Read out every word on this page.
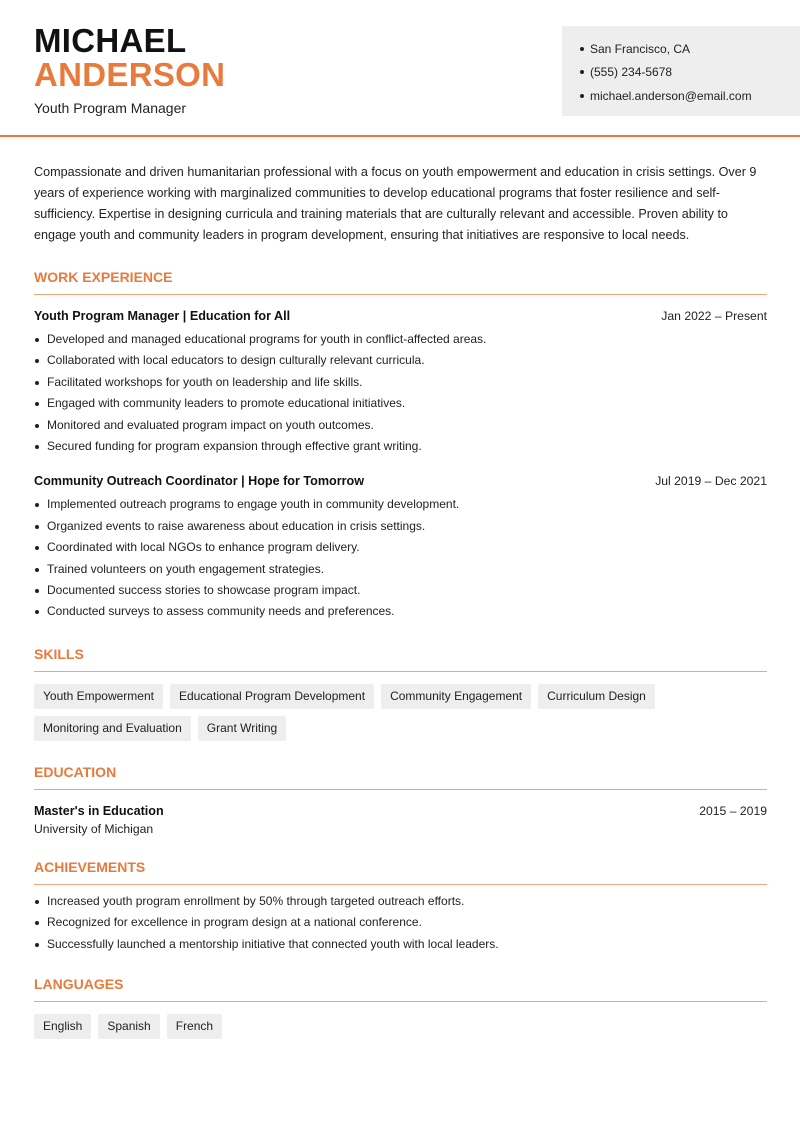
MICHAEL
ANDERSON
Youth Program Manager
San Francisco, CA
(555) 234-5678
michael.anderson@email.com

Compassionate and driven humanitarian professional with a focus on youth empowerment and education in crisis settings. Over 9 years of experience working with marginalized communities to develop educational programs that foster resilience and self-sufficiency. Expertise in designing curricula and training materials that are culturally relevant and accessible. Proven ability to engage youth and community leaders in program development, ensuring that initiatives are responsive to local needs.

WORK EXPERIENCE
Youth Program Manager | Education for All	Jan 2022 – Present
Developed and managed educational programs for youth in conflict-affected areas.
Collaborated with local educators to design culturally relevant curricula.
Facilitated workshops for youth on leadership and life skills.
Engaged with community leaders to promote educational initiatives.
Monitored and evaluated program impact on youth outcomes.
Secured funding for program expansion through effective grant writing.
Community Outreach Coordinator | Hope for Tomorrow	Jul 2019 – Dec 2021
Implemented outreach programs to engage youth in community development.
Organized events to raise awareness about education in crisis settings.
Coordinated with local NGOs to enhance program delivery.
Trained volunteers on youth engagement strategies.
Documented success stories to showcase program impact.
Conducted surveys to assess community needs and preferences.
SKILLS
Youth Empowerment	Educational Program Development	Community Engagement	Curriculum Design
Monitoring and Evaluation	Grant Writing
EDUCATION
Master's in Education	2015 – 2019
University of Michigan
ACHIEVEMENTS
Increased youth program enrollment by 50% through targeted outreach efforts.
Recognized for excellence in program design at a national conference.
Successfully launched a mentorship initiative that connected youth with local leaders.
LANGUAGES
English	Spanish	French
